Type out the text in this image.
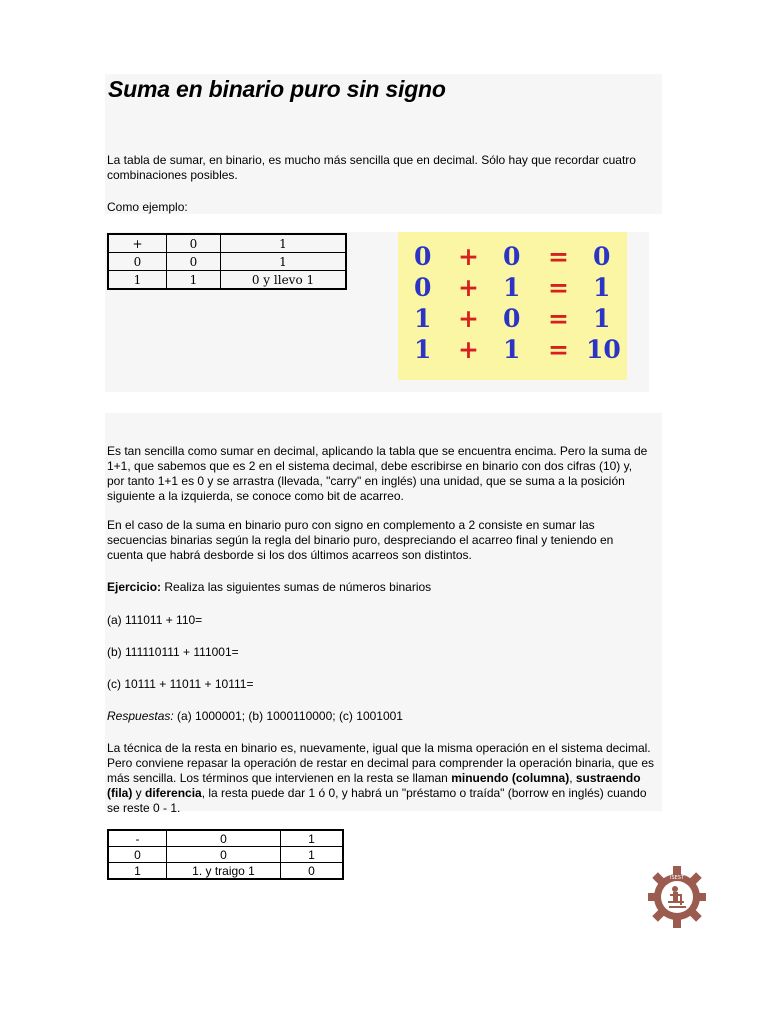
Suma en binario puro sin signo
La tabla de sumar, en binario, es mucho más sencilla que en decimal. Sólo hay que recordar cuatro combinaciones posibles.
Como ejemplo:
+	0	1
0	0	1
1	1	0 y llevo 1
0 + 0 = 0
0 + 1 = 1
1 + 0 = 1
1 + 1 = 10
Es tan sencilla como sumar en decimal, aplicando la tabla que se encuentra encima. Pero la suma de 1+1, que sabemos que es 2 en el sistema decimal, debe escribirse en binario con dos cifras (10) y, por tanto 1+1 es 0 y se arrastra (llevada, "carry" en inglés) una unidad, que se suma a la posición siguiente a la izquierda, se conoce como bit de acarreo.
En el caso de la suma en binario puro con signo en complemento a 2 consiste en sumar las secuencias binarias según la regla del binario puro, despreciando el acarreo final y teniendo en cuenta que habrá desborde si los dos últimos acarreos son distintos.
Ejercicio: Realiza las siguientes sumas de números binarios
(a) 111011 + 110=
(b) 111110111 + 111001=
(c) 10111 + 11011 + 10111=
Respuestas: (a) 1000001; (b) 1000110000; (c) 1001001
La técnica de la resta en binario es, nuevamente, igual que la misma operación en el sistema decimal. Pero conviene repasar la operación de restar en decimal para comprender la operación binaria, que es más sencilla. Los términos que intervienen en la resta se llaman minuendo (columna), sustraendo (fila) y diferencia, la resta puede dar 1 ó 0, y habrá un "préstamo o traída" (borrow en inglés) cuando se reste 0 - 1.
-	0	1
0	0	1
1	1. y traigo 1	0
ISEST
